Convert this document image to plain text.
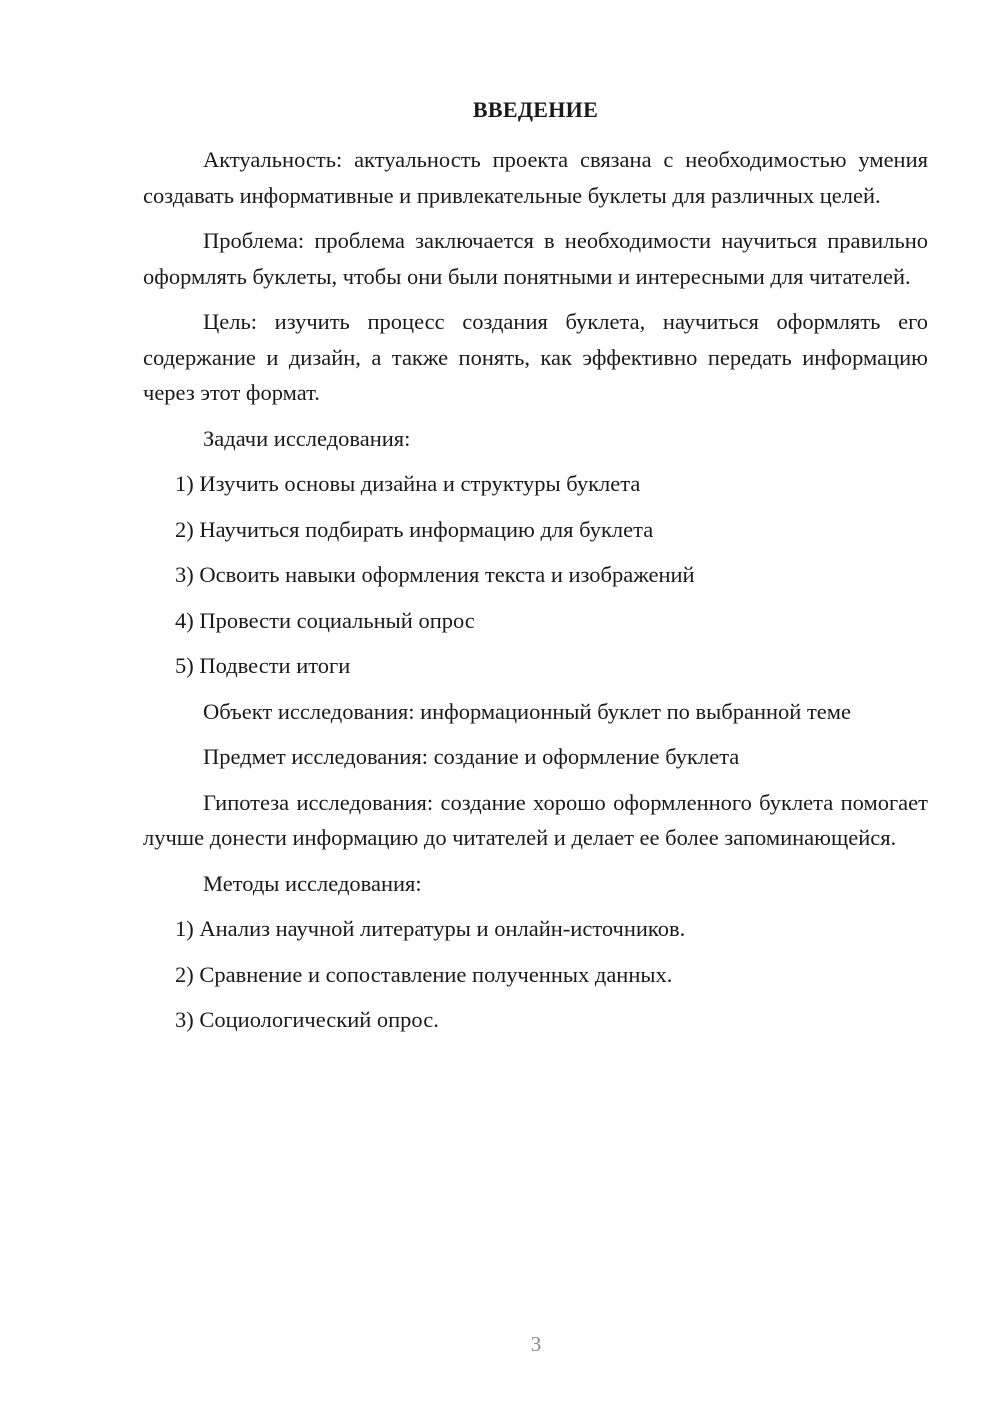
ВВЕДЕНИЕ

Актуальность: актуальность проекта связана с необходимостью умения создавать информативные и привлекательные буклеты для различных целей.

Проблема: проблема заключается в необходимости научиться правильно оформлять буклеты, чтобы они были понятными и интересными для читателей.

Цель: изучить процесс создания буклета, научиться оформлять его содержание и дизайн, а также понять, как эффективно передать информацию через этот формат.

Задачи исследования:

1) Изучить основы дизайна и структуры буклета

2) Научиться подбирать информацию для буклета

3) Освоить навыки оформления текста и изображений

4) Провести социальный опрос

5) Подвести итоги

Объект исследования: информационный буклет по выбранной теме

Предмет исследования: создание и оформление буклета

Гипотеза исследования: создание хорошо оформленного буклета помогает лучше донести информацию до читателей и делает ее более запоминающейся.

Методы исследования:

1) Анализ научной литературы и онлайн-источников.

2) Сравнение и сопоставление полученных данных.

3) Социологический опрос.

3
